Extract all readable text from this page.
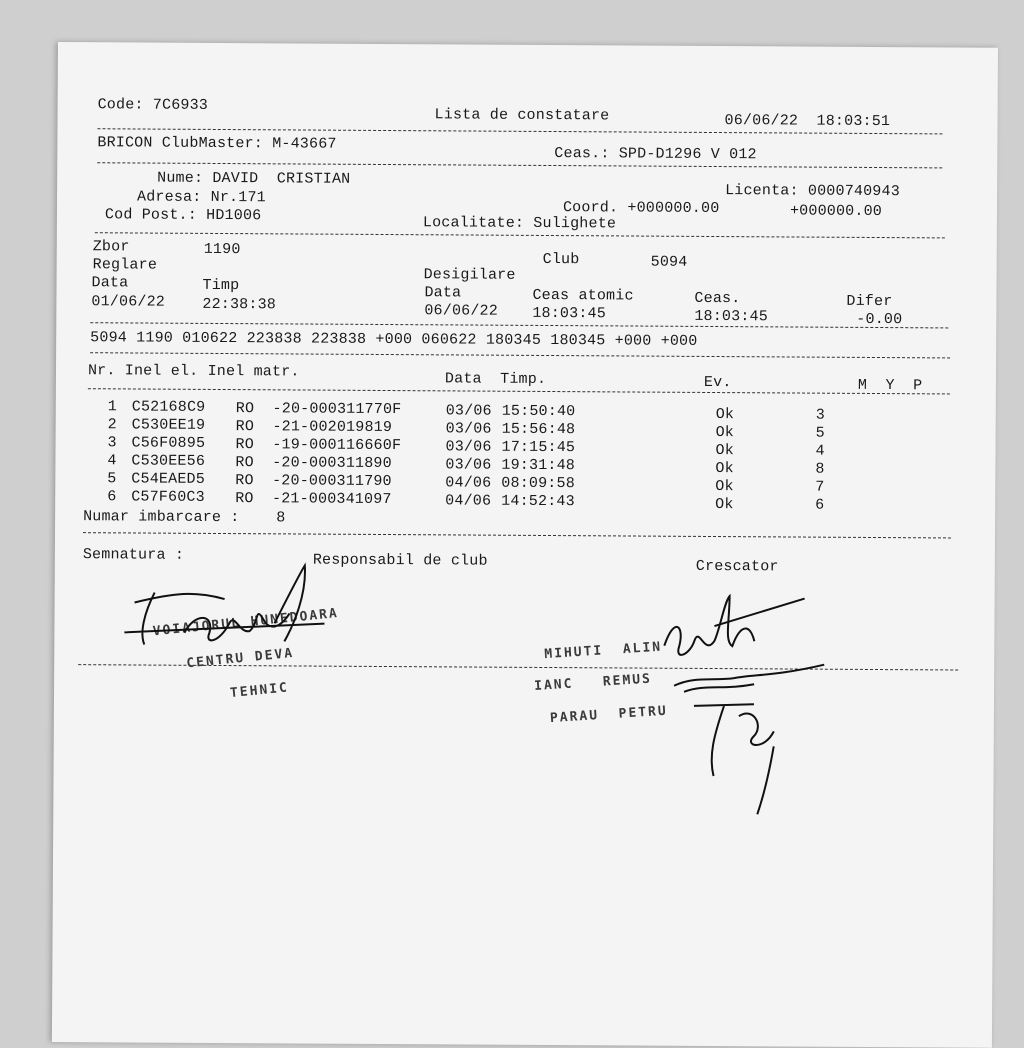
Code: 7C6933
Lista de constatare	06/06/22  18:03:51
BRICON ClubMaster: M-43667
Ceas.: SPD-D1296 V 012
Nume: DAVID  CRISTIAN
Adresa: Nr.171
Cod Post.: HD1006
Licenta: 0000740943
Coord. +000000.00	+000000.00
Localitate: Sulighete
Zbor	1190
Club	5094
Reglare
Desigilare
Data	Timp	Data	Ceas atomic	Ceas.	Difer
01/06/22 22:38:38	06/06/22 18:03:45	18:03:45	-0.00
5094 1190 010622 223838 223838 +000 060622 180345 180345 +000 +000
Nr. Inel el. Inel matr.	Data  Timp.	Ev.	M  Y  P
1 C52168C9 RO  -20-000311770F	03/06 15:50:40	Ok	3
2 C530EE19 RO  -21-002019819	03/06 15:56:48	Ok	5
3 C56F0895 RO  -19-000116660F	03/06 17:15:45	Ok	4
4 C530EE56 RO  -20-000311890	03/06 19:31:48	Ok	8
5 C54EAED5 RO  -20-000311790	04/06 08:09:58	Ok	7
6 C57F60C3 RO  -21-000341097	04/06 14:52:43	Ok	6
Numar imbarcare :    8
Semnatura :	Responsabil de club	Crescator
VOIAJORUL HUNEDOARA
CENTRU DEVA
TEHNIC
MIHUTI  ALIN
IANC   REMUS
PARAU  PETRU
